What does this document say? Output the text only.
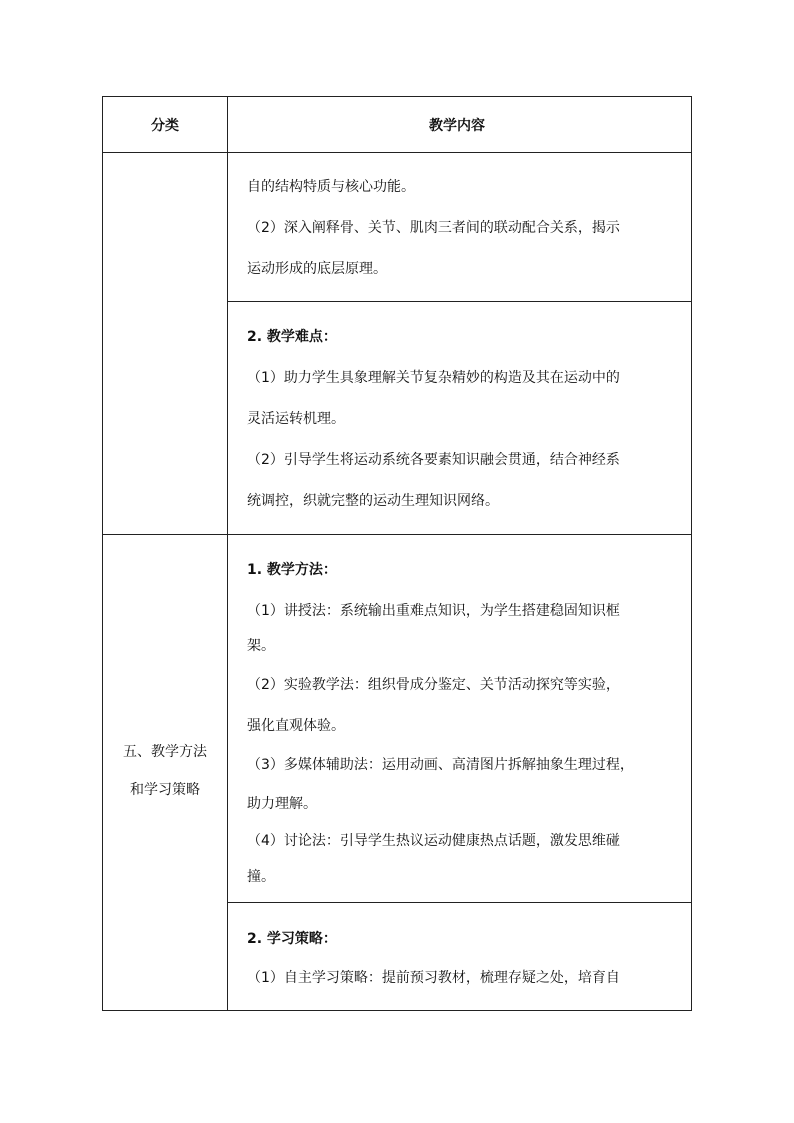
分类	教学内容
自的结构特质与核心功能。
（2）深入阐释骨、关节、肌肉三者间的联动配合关系，揭示
运动形成的底层原理。
2. 教学难点：
（1）助力学生具象理解关节复杂精妙的构造及其在运动中的
灵活运转机理。
（2）引导学生将运动系统各要素知识融会贯通，结合神经系
统调控，织就完整的运动生理知识网络。
五、教学方法
和学习策略
1. 教学方法：
（1）讲授法：系统输出重难点知识，为学生搭建稳固知识框
架。
（2）实验教学法：组织骨成分鉴定、关节活动探究等实验，
强化直观体验。
（3）多媒体辅助法：运用动画、高清图片拆解抽象生理过程，
助力理解。
（4）讨论法：引导学生热议运动健康热点话题，激发思维碰
撞。
2. 学习策略：
（1）自主学习策略：提前预习教材，梳理存疑之处，培育自
